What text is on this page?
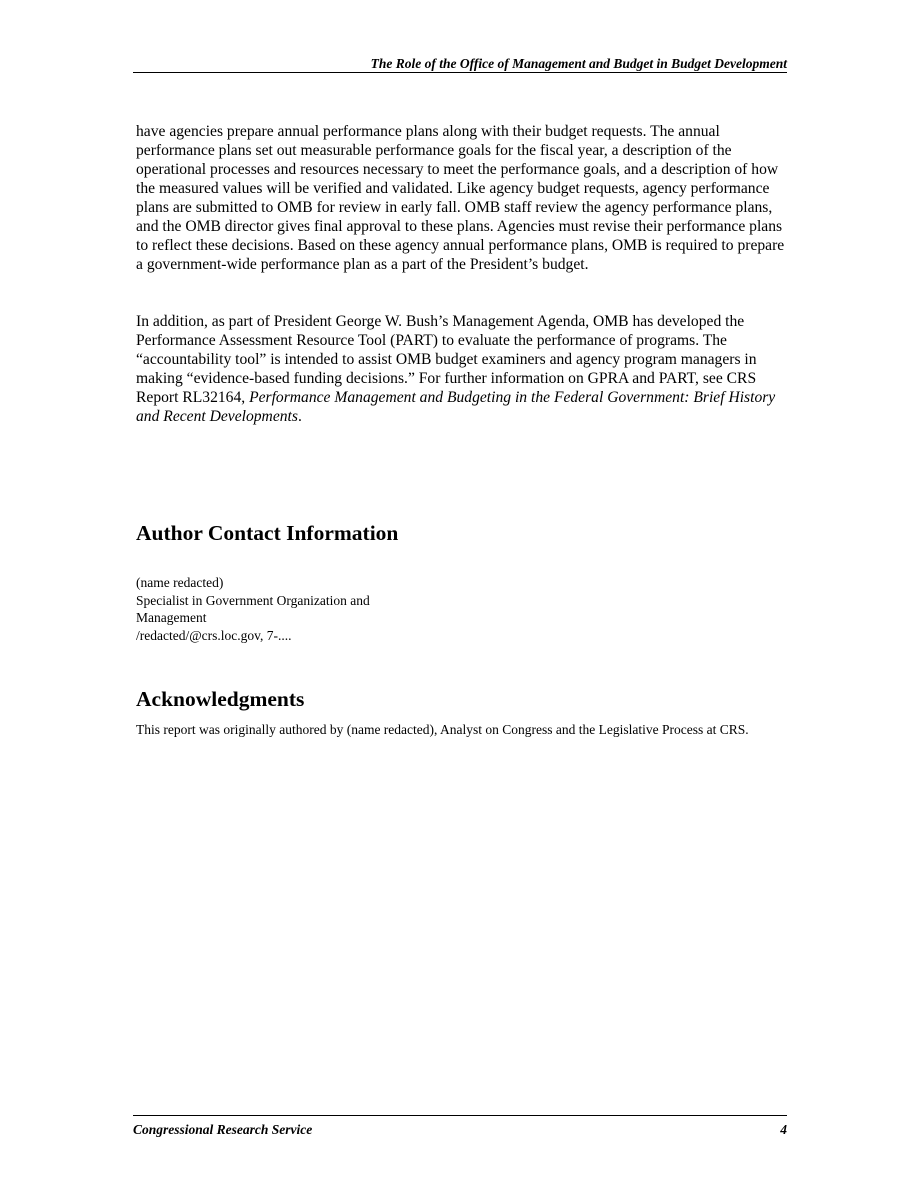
The Role of the Office of Management and Budget in Budget Development

have agencies prepare annual performance plans along with their budget requests. The annual performance plans set out measurable performance goals for the fiscal year, a description of the operational processes and resources necessary to meet the performance goals, and a description of how the measured values will be verified and validated. Like agency budget requests, agency performance plans are submitted to OMB for review in early fall. OMB staff review the agency performance plans, and the OMB director gives final approval to these plans. Agencies must revise their performance plans to reflect these decisions. Based on these agency annual performance plans, OMB is required to prepare a government-wide performance plan as a part of the President’s budget.

In addition, as part of President George W. Bush’s Management Agenda, OMB has developed the Performance Assessment Resource Tool (PART) to evaluate the performance of programs. The “accountability tool” is intended to assist OMB budget examiners and agency program managers in making “evidence-based funding decisions.” For further information on GPRA and PART, see CRS Report RL32164, Performance Management and Budgeting in the Federal Government: Brief History and Recent Developments.

Author Contact Information
(name redacted)
Specialist in Government Organization and
Management
/redacted/@crs.loc.gov, 7-....
Acknowledgments

This report was originally authored by (name redacted), Analyst on Congress and the Legislative Process at CRS.

Congressional Research Service	4
